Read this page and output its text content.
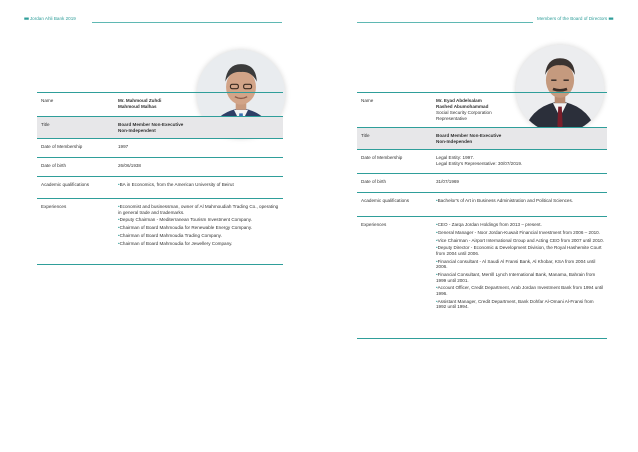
■■ Jordan Ahli Bank 2019
Name	Mr. Mahmoud Zuhdi
Mahmoud Malhas
Title	Board Member Non-Executive
Non-Independent
Date of Membership	1997
Date of birth	26/06/1938
Academic qualifications	• BA in Economics, from the American University of Beirut
Experiences	• Economist and businessman, owner of Al Mahmoudiah Trading Co., operating in general trade and trademarks.
• Deputy Chairman - Mediterranean Tourism Investment Company.
• Chairman of Board Mahmoudia for Renewable Energy Company.
• Chairman of Board Mahmoudia Trading Company.
• Chairman of Board Mahmoudia for Jewellery Company.
Members of the Board of Directors ■■
Name	Mr. Eyad Abdelsalam
Rashed Abumohammad
Social Security Corporation
Representative
Title	Board Member Non-Executive
Non-Independen
Date of Membership	Legal Entity: 1997.
Legal Entity's Representative: 30/07/2019.
Date of birth	31/07/1969
Academic qualifications	• Bachelor's of Art in Business Administration and Political Sciences.
Experiences	• CEO - Zarqa Jordan Holdings from 2013 – present.
• General Manager - Noor Jordan-Kuwait Financial Investment from 2006 – 2010.
• Vice Chairman - Airport International Group and Acting CEO from 2007 until 2010.
• Deputy Director - Economic & Development Division, the Royal Hashemite Court from 2004 until 2006.
• Financial consultant - Al Saudi Al Fransi Bank, Al Khobar, KSA from 2004 until 2006.
• Financial Consultant, Merrill Lynch International Bank, Manama, Bahrain from 1999 until 2001.
• Account Officer, Credit Department, Arab Jordan Investment Bank from 1994 until 1996.
• Assistant Manager, Credit Department, Bank Dohfar Al-Omani Al-Fransi from 1992 until 1994.
